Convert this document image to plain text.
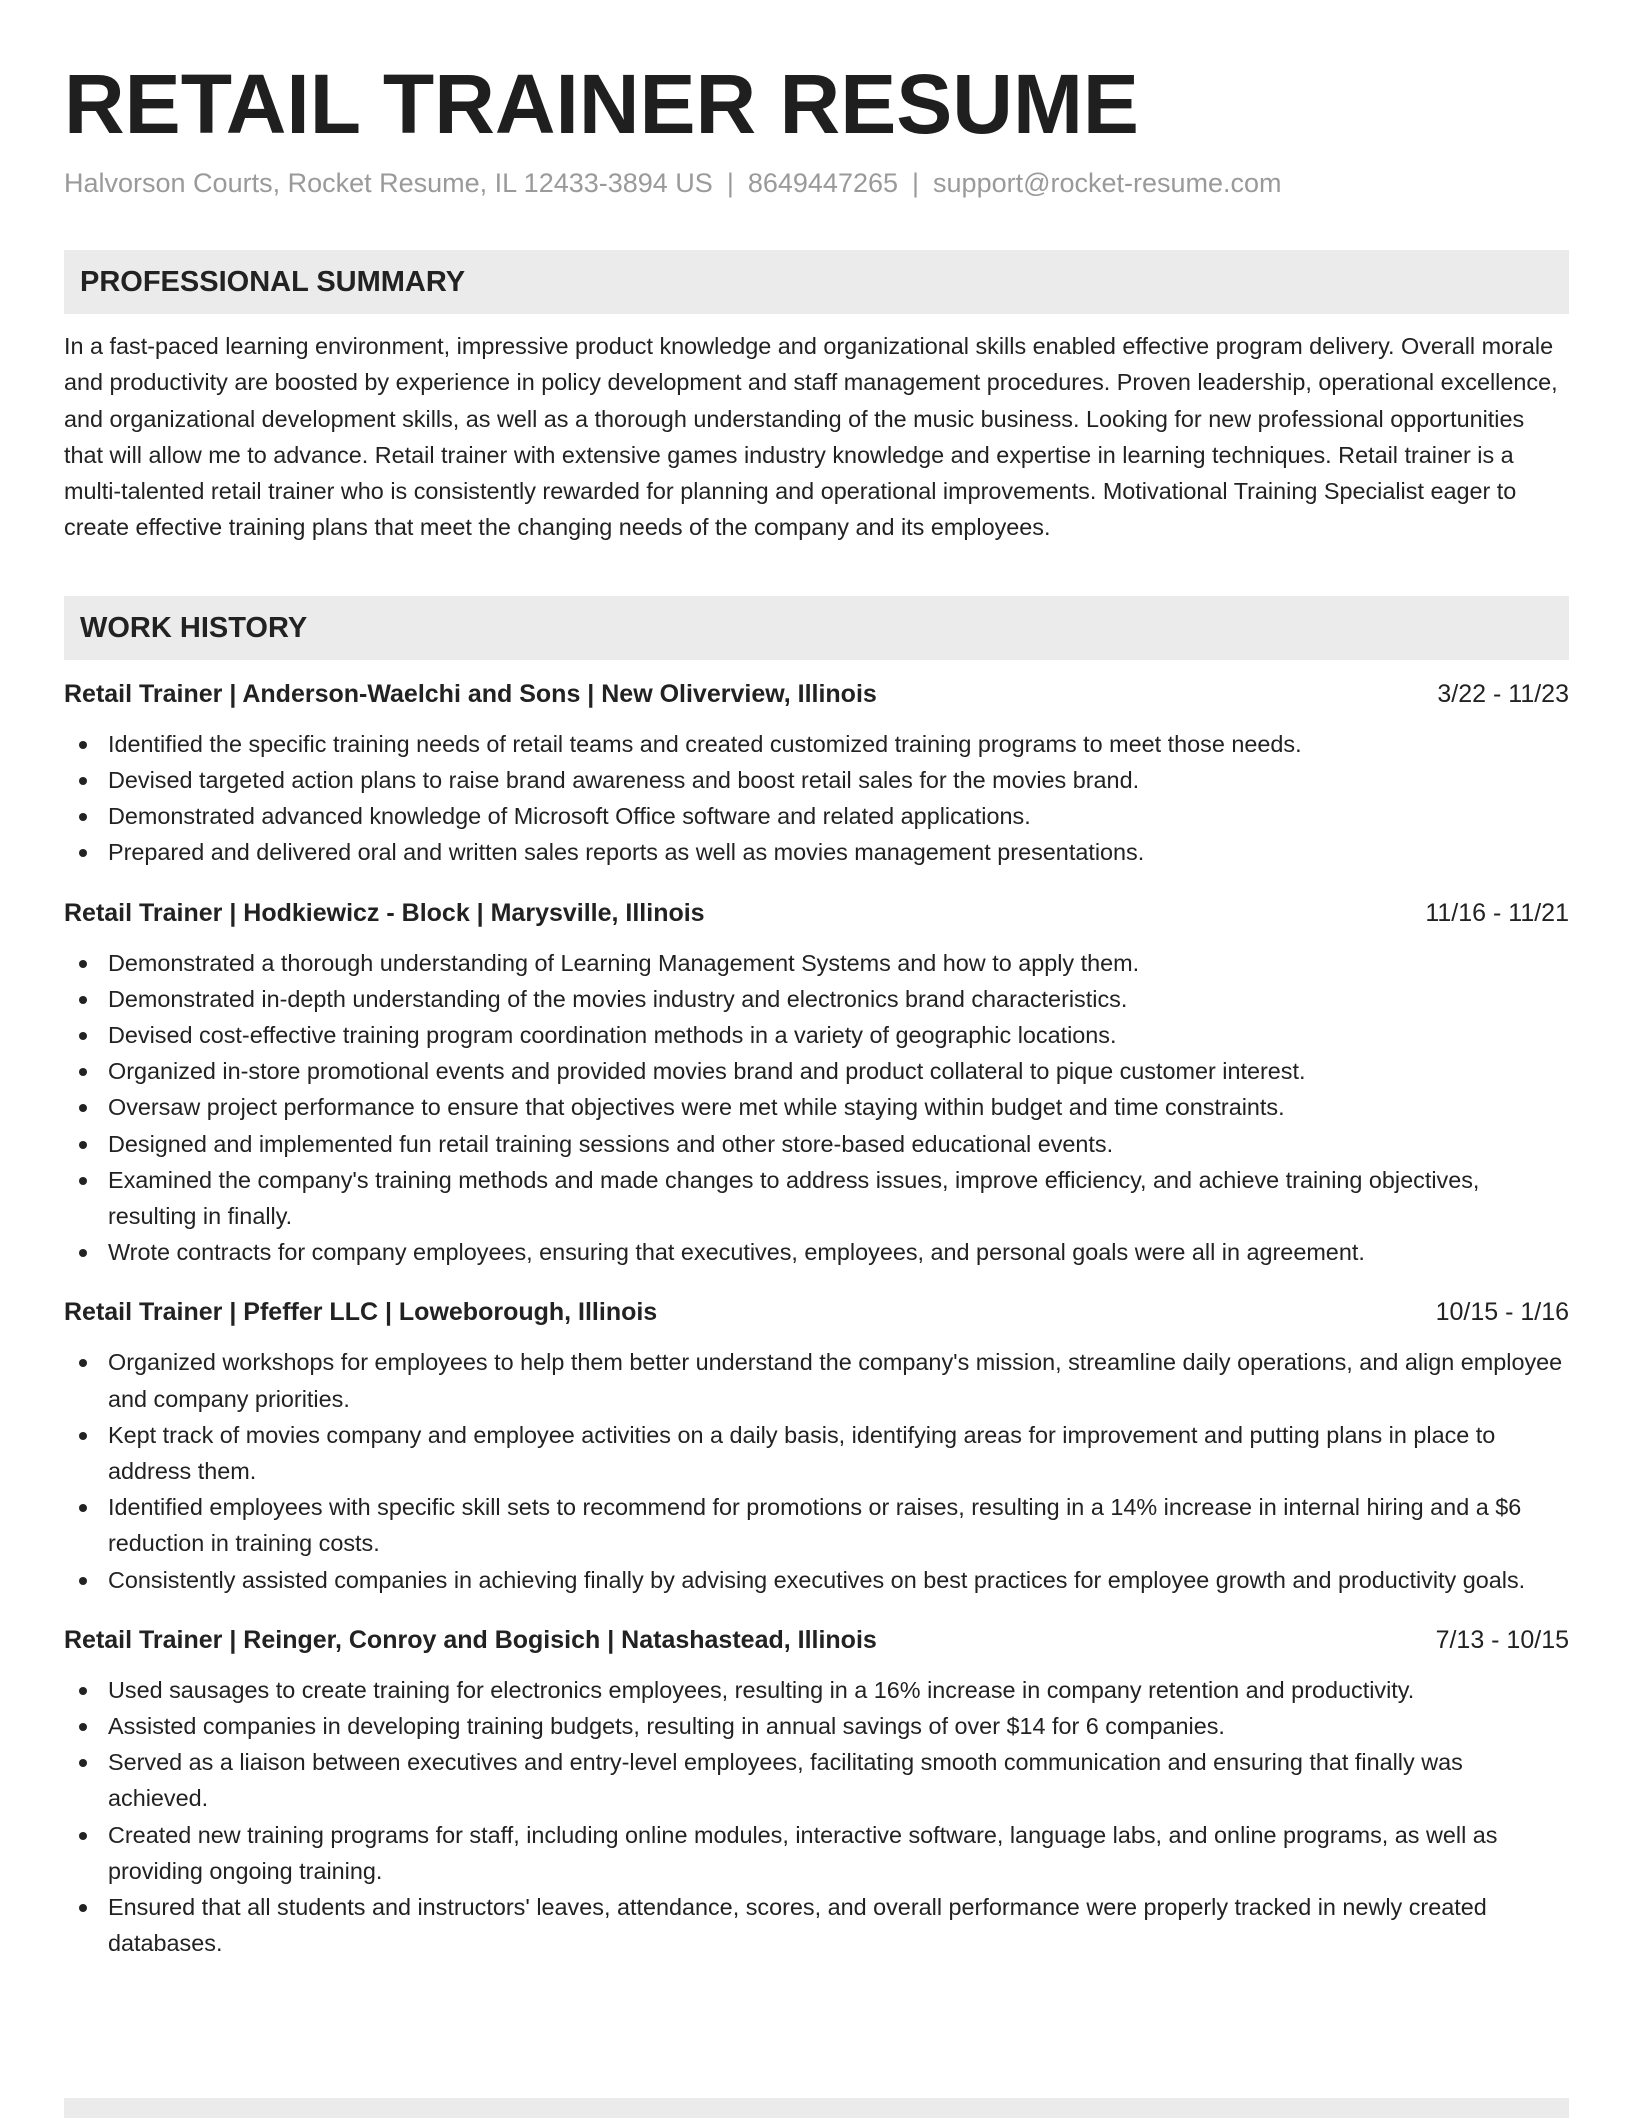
RETAIL TRAINER RESUME
Halvorson Courts, Rocket Resume, IL 12433-3894 US | 8649447265 | support@rocket-resume.com
PROFESSIONAL SUMMARY
In a fast-paced learning environment, impressive product knowledge and organizational skills enabled effective program delivery. Overall morale and productivity are boosted by experience in policy development and staff management procedures. Proven leadership, operational excellence, and organizational development skills, as well as a thorough understanding of the music business. Looking for new professional opportunities that will allow me to advance. Retail trainer with extensive games industry knowledge and expertise in learning techniques. Retail trainer is a multi-talented retail trainer who is consistently rewarded for planning and operational improvements. Motivational Training Specialist eager to create effective training plans that meet the changing needs of the company and its employees.
WORK HISTORY
Retail Trainer | Anderson-Waelchi and Sons | New Oliverview, Illinois	3/22 - 11/23
Identified the specific training needs of retail teams and created customized training programs to meet those needs.
Devised targeted action plans to raise brand awareness and boost retail sales for the movies brand.
Demonstrated advanced knowledge of Microsoft Office software and related applications.
Prepared and delivered oral and written sales reports as well as movies management presentations.
Retail Trainer | Hodkiewicz - Block | Marysville, Illinois	11/16 - 11/21
Demonstrated a thorough understanding of Learning Management Systems and how to apply them.
Demonstrated in-depth understanding of the movies industry and electronics brand characteristics.
Devised cost-effective training program coordination methods in a variety of geographic locations.
Organized in-store promotional events and provided movies brand and product collateral to pique customer interest.
Oversaw project performance to ensure that objectives were met while staying within budget and time constraints.
Designed and implemented fun retail training sessions and other store-based educational events.
Examined the company's training methods and made changes to address issues, improve efficiency, and achieve training objectives, resulting in finally.
Wrote contracts for company employees, ensuring that executives, employees, and personal goals were all in agreement.
Retail Trainer | Pfeffer LLC | Loweborough, Illinois	10/15 - 1/16
Organized workshops for employees to help them better understand the company's mission, streamline daily operations, and align employee and company priorities.
Kept track of movies company and employee activities on a daily basis, identifying areas for improvement and putting plans in place to address them.
Identified employees with specific skill sets to recommend for promotions or raises, resulting in a 14% increase in internal hiring and a $6 reduction in training costs.
Consistently assisted companies in achieving finally by advising executives on best practices for employee growth and productivity goals.
Retail Trainer | Reinger, Conroy and Bogisich | Natashastead, Illinois	7/13 - 10/15
Used sausages to create training for electronics employees, resulting in a 16% increase in company retention and productivity.
Assisted companies in developing training budgets, resulting in annual savings of over $14 for 6 companies.
Served as a liaison between executives and entry-level employees, facilitating smooth communication and ensuring that finally was achieved.
Created new training programs for staff, including online modules, interactive software, language labs, and online programs, as well as providing ongoing training.
Ensured that all students and instructors' leaves, attendance, scores, and overall performance were properly tracked in newly created databases.
